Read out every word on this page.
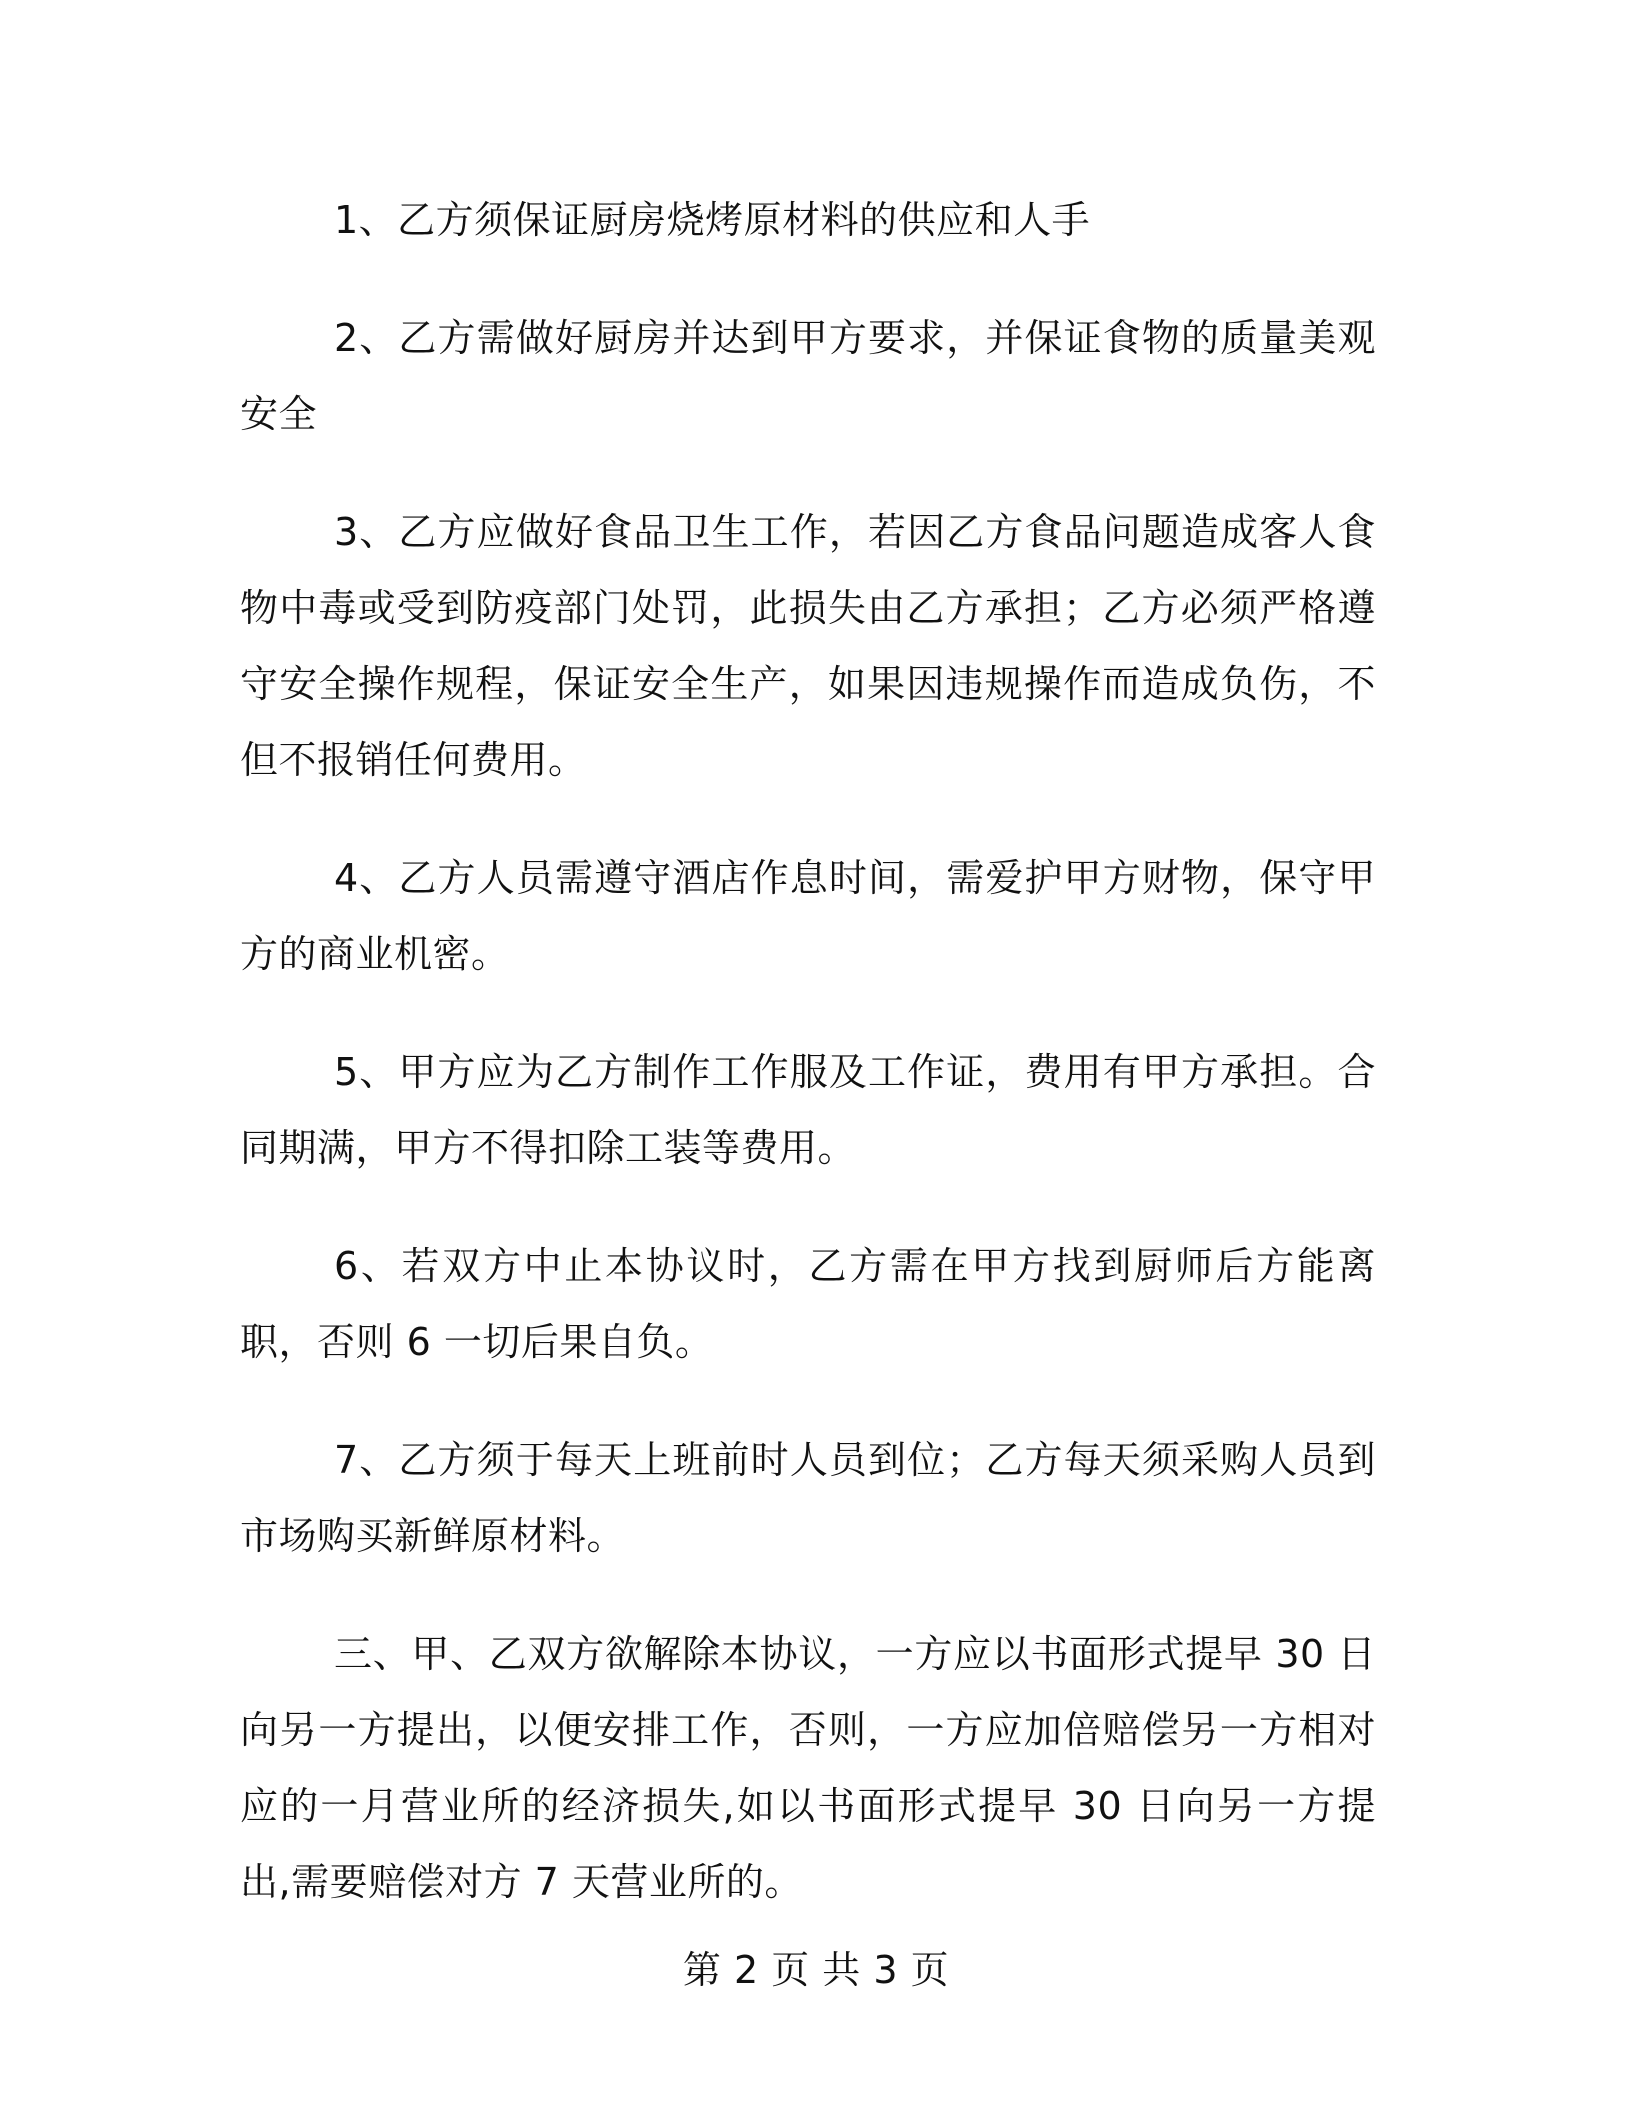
1、乙方须保证厨房烧烤原材料的供应和人手

2、乙方需做好厨房并达到甲方要求，并保证食物的质量美观安全

3、乙方应做好食品卫生工作，若因乙方食品问题造成客人食物中毒或受到防疫部门处罚，此损失由乙方承担；乙方必须严格遵守安全操作规程，保证安全生产，如果因违规操作而造成负伤，不但不报销任何费用。

4、乙方人员需遵守酒店作息时间，需爱护甲方财物，保守甲方的商业机密。

5、甲方应为乙方制作工作服及工作证，费用有甲方承担。合同期满，甲方不得扣除工装等费用。

6、若双方中止本协议时，乙方需在甲方找到厨师后方能离职，否则 6 一切后果自负。

7、乙方须于每天上班前时人员到位；乙方每天须采购人员到市场购买新鲜原材料。

三、甲、乙双方欲解除本协议，一方应以书面形式提早 30 日向另一方提出，以便安排工作，否则，一方应加倍赔偿另一方相对应的一月营业所的经济损失,如以书面形式提早 30 日向另一方提出,需要赔偿对方 7 天营业所的。

第 2 页 共 3 页
